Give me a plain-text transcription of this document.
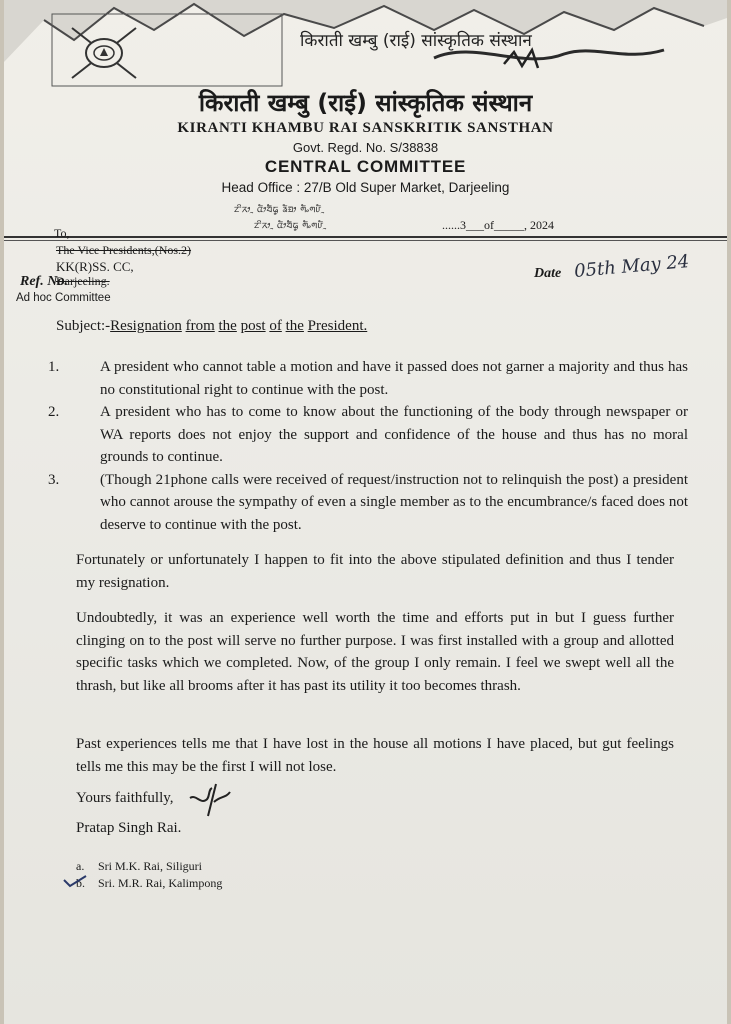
किराती खम्बु (राई) सांस्कृतिक संस्थान
किराती खम्बु (राई) सांस्कृतिक संस्थान
KIRANTI KHAMBU RAI SANSKRITIK SANSTHAN
Govt. Regd. No. S/38838
CENTRAL COMMITTEE
Head Office : 27/B Old Super Market, Darjeeling
ᤁᤡᤖᤣᤳ ᤂᤥᤔᤠᤒᤢ ᤕᤠᤀᤣ ᤛᤠᤱᤛᤙᤠᤳ
ᤁᤡᤖᤣᤳ ᤂᤥᤔᤠᤒᤢ ᤛᤠᤱᤛᤙᤠᤳ	......3___of_____, 2024
To,
The Vice Presidents,(Nos.2)
KK(R)SS. CC,
Ref. No.
Darjeeling.
Ad hoc Committee
Date 05th May 24
Subject:-Resignation from the post of the President.
1.	A president who cannot table a motion and have it passed does not garner a majority and thus has no constitutional right to continue with the post.
2.	A president who has to come to know about the functioning of the body through newspaper or WA reports does not enjoy the support and confidence of the house and thus has no moral grounds to continue.
3.	(Though 21phone calls were received of request/instruction not to relinquish the post) a president who cannot arouse the sympathy of even a single member as to the encumbrance/s faced does not deserve to continue with the post.
Fortunately or unfortunately I happen to fit into the above stipulated definition and thus I tender my resignation.
Undoubtedly, it was an experience well worth the time and efforts put in but I guess further clinging on to the post will serve no further purpose. I was first installed with a group and allotted specific tasks which we completed. Now, of the group I only remain. I feel we swept well all the thrash, but like all brooms after it has past its utility it too becomes thrash.
Past experiences tells me that I have lost in the house all motions I have placed, but gut feelings tells me this may be the first I will not lose.
Yours faithfully,
Pratap Singh Rai.
a. Sri M.K. Rai, Siliguri
b. Sri. M.R. Rai, Kalimpong
